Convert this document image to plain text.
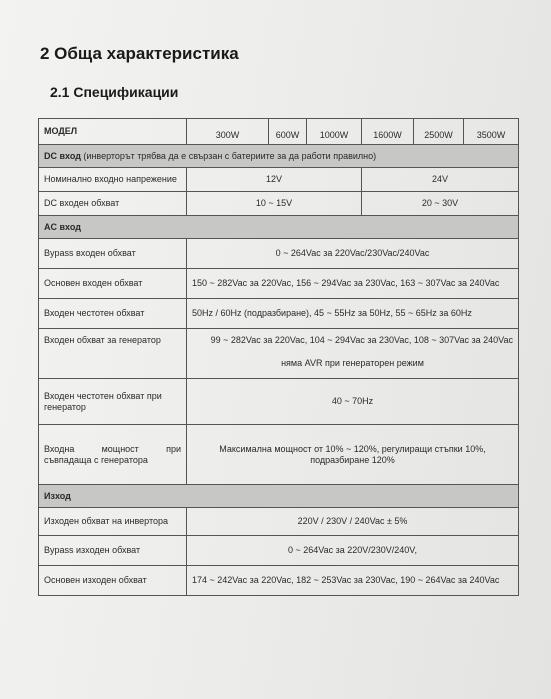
2 Обща характеристика
2.1 Спецификации
МОДЕЛ	300W	600W	1000W	1600W	2500W	3500W
DC вход (инверторът трябва да е свързан с батериите за да работи правилно)						
Номинално входно напрежение	12V			24V		
DC входен обхват	10 ~ 15V			20 ~ 30V		
AC вход						
Bypass входен обхват	0 ~ 264Vac за 220Vac/230Vac/240Vac					
Основен входен обхват	150 ~ 282Vac за 220Vac, 156 ~ 294Vac за 230Vac, 163 ~ 307Vac за 240Vac					
Входен честотен обхват	50Hz / 60Hz (подразбиране), 45 ~ 55Hz за 50Hz, 55 ~ 65Hz за 60Hz					
Входен обхват за генератор	99 ~ 282Vac за 220Vac, 104 ~ 294Vac за 230Vac, 108 ~ 307Vac за 240Vac
няма AVR при генераторен режим					

Входен честотен обхват при генератор	40 ~ 70Hz					
Входна мощност при съвпадаща с генератора	Максимална мощност от 10% ~ 120%, регулиращи стъпки 10%, подразбиране 120%					
Изход						
Изходен обхват на инвертора	220V / 230V / 240Vac ± 5%					
Bypass изходен обхват	0 ~ 264Vac за 220V/230V/240V,					
Основен изходен обхват	174 ~ 242Vac за 220Vac, 182 ~ 253Vac за 230Vac, 190 ~ 264Vac за 240Vac					
